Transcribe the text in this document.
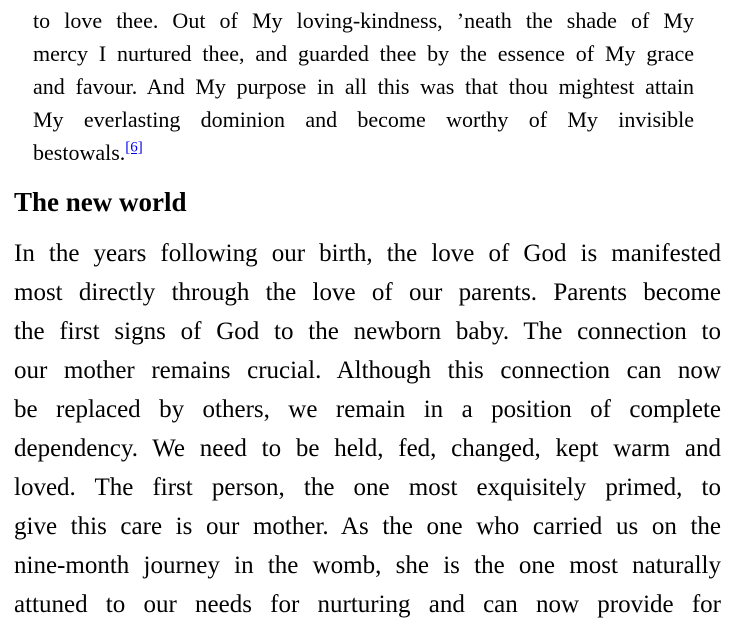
to love thee. Out of My loving-kindness, ’neath the shade of My
mercy I nurtured thee, and guarded thee by the essence of My grace
and favour. And My purpose in all this was that thou mightest attain
My everlasting dominion and become worthy of My invisible
bestowals.[6]
The new world

In the years following our birth, the love of God is manifested
most directly through the love of our parents. Parents become
the first signs of God to the newborn baby. The connection to
our mother remains crucial. Although this connection can now
be replaced by others, we remain in a position of complete
dependency. We need to be held, fed, changed, kept warm and
loved. The first person, the one most exquisitely primed, to
give this care is our mother. As the one who carried us on the
nine-month journey in the womb, she is the one most naturally
attuned to our needs for nurturing and can now provide for
